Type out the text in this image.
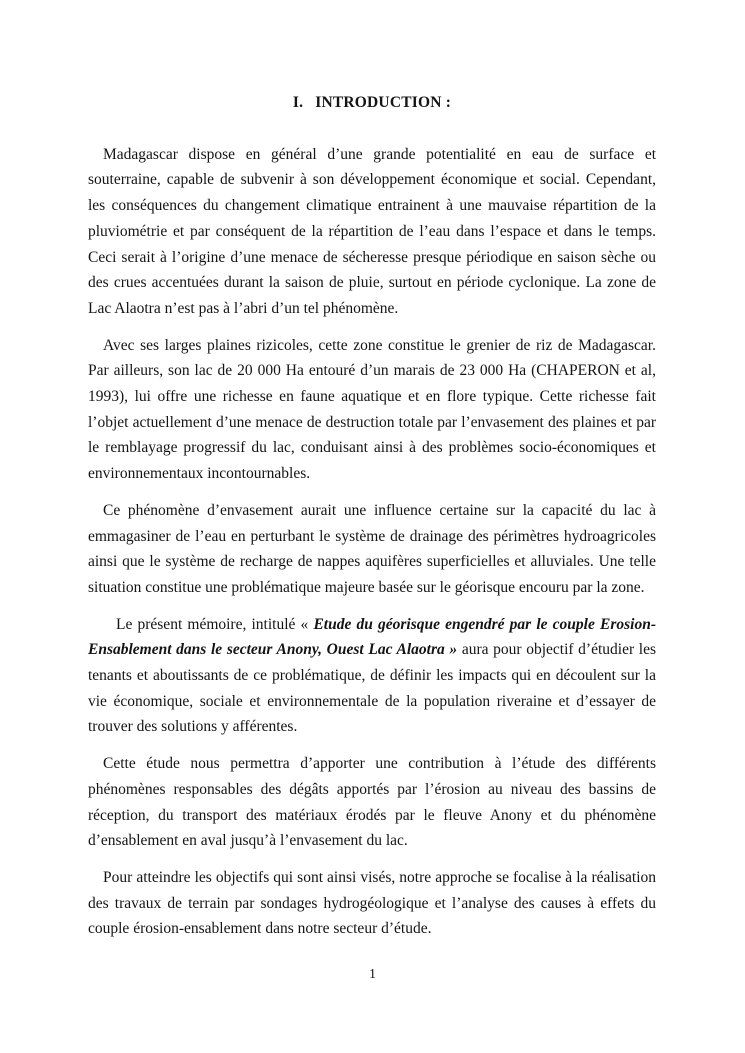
I. INTRODUCTION :

Madagascar dispose en général d’une grande potentialité en eau de surface et souterraine, capable de subvenir à son développement économique et social. Cependant, les conséquences du changement climatique entrainent à une mauvaise répartition de la pluviométrie et par conséquent de la répartition de l’eau dans l’espace et dans le temps. Ceci serait à l’origine d’une menace de sécheresse presque périodique en saison sèche ou des crues accentuées durant la saison de pluie, surtout en période cyclonique. La zone de Lac Alaotra n’est pas à l’abri d’un tel phénomène.

Avec ses larges plaines rizicoles, cette zone constitue le grenier de riz de Madagascar. Par ailleurs, son lac de 20 000 Ha entouré d’un marais de 23 000 Ha (CHAPERON et al, 1993), lui offre une richesse en faune aquatique et en flore typique. Cette richesse fait l’objet actuellement d’une menace de destruction totale par l’envasement des plaines et par le remblayage progressif du lac, conduisant ainsi à des problèmes socio-économiques et environnementaux incontournables.

Ce phénomène d’envasement aurait une influence certaine sur la capacité du lac à emmagasiner de l’eau en perturbant le système de drainage des périmètres hydroagricoles ainsi que le système de recharge de nappes aquifères superficielles et alluviales. Une telle situation constitue une problématique majeure basée sur le géorisque encouru par la zone.

Le présent mémoire, intitulé « Etude du géorisque engendré par le couple Erosion-Ensablement dans le secteur Anony, Ouest Lac Alaotra » aura pour objectif d’étudier les tenants et aboutissants de ce problématique, de définir les impacts qui en découlent sur la vie économique, sociale et environnementale de la population riveraine et d’essayer de trouver des solutions y afférentes.

Cette étude nous permettra d’apporter une contribution à l’étude des différents phénomènes responsables des dégâts apportés par l’érosion au niveau des bassins de réception, du transport des matériaux érodés par le fleuve Anony et du phénomène d’ensablement en aval jusqu’à l’envasement du lac.

Pour atteindre les objectifs qui sont ainsi visés, notre approche se focalise à la réalisation des travaux de terrain par sondages hydrogéologique et l’analyse des causes à effets du couple érosion-ensablement dans notre secteur d’étude.

1
